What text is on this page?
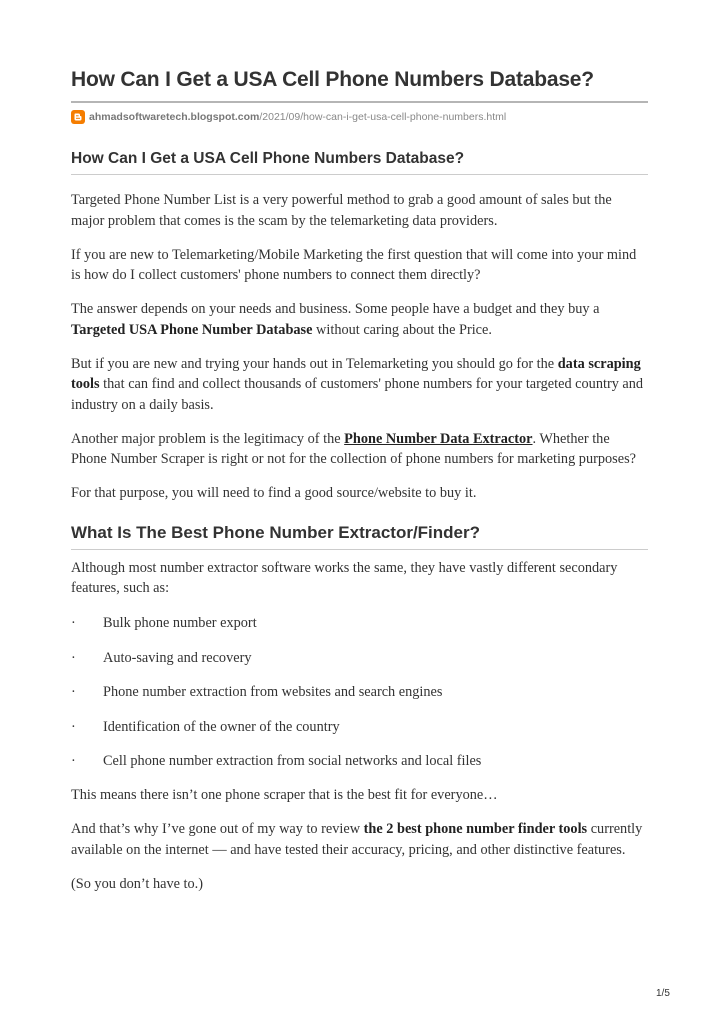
How Can I Get a USA Cell Phone Numbers Database?
ahmadsoftwaretech.blogspot.com /2021/09/how-can-i-get-usa-cell-phone-numbers.html
How Can I Get a USA Cell Phone Numbers Database?

Targeted Phone Number List is a very powerful method to grab a good amount of sales but the major problem that comes is the scam by the telemarketing data providers.

If you are new to Telemarketing/Mobile Marketing the first question that will come into your mind is how do I collect customers' phone numbers to connect them directly?

The answer depends on your needs and business. Some people have a budget and they buy a Targeted USA Phone Number Database without caring about the Price.

But if you are new and trying your hands out in Telemarketing you should go for the data scraping tools that can find and collect thousands of customers' phone numbers for your targeted country and industry on a daily basis.

Another major problem is the legitimacy of the Phone Number Data Extractor. Whether the Phone Number Scraper is right or not for the collection of phone numbers for marketing purposes?

For that purpose, you will need to find a good source/website to buy it.

What Is The Best Phone Number Extractor/Finder?

Although most number extractor software works the same, they have vastly different secondary features, such as:

·	Bulk phone number export
·	Auto-saving and recovery
·	Phone number extraction from websites and search engines
·	Identification of the owner of the country
·	Cell phone number extraction from social networks and local files

This means there isn’t one phone scraper that is the best fit for everyone…

And that’s why I’ve gone out of my way to review the 2 best phone number finder tools currently available on the internet — and have tested their accuracy, pricing, and other distinctive features.

(So you don’t have to.)

1/5
